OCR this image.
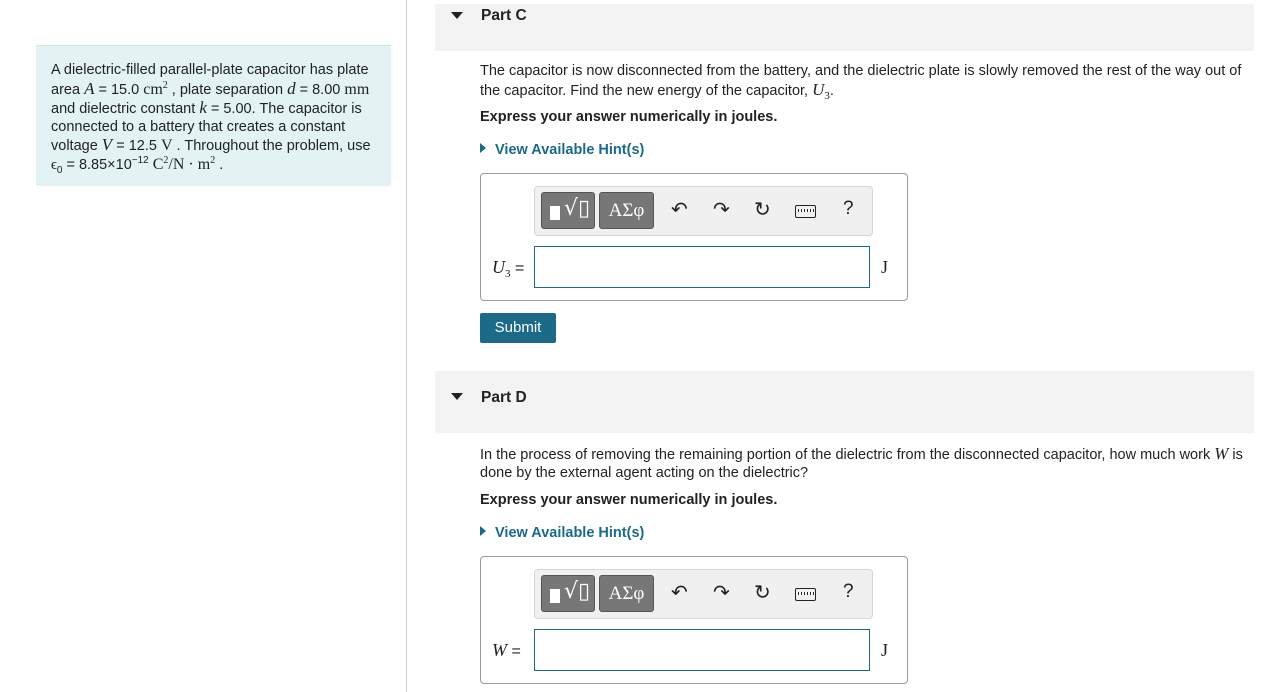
A dielectric-filled parallel-plate capacitor has plate area A = 15.0 $cm^2$ , plate separation d = 8.00 mm and dielectric constant k = 5.00. The capacitor is connected to a battery that creates a constant voltage V = 12.5 V . Throughout the problem, use
$\epsilon_0 = 8.85\times 10^{-12}$ $C^2/N \cdot m^2$ .
Part C
The capacitor is now disconnected from the battery, and the dielectric plate is slowly removed the rest of the way out of the capacitor. Find the new energy of the capacitor, $U_3$.
Express your answer numerically in joules.
View Available Hint(s)
√▯ ΑΣφ	↶ ↷ ↻	?
$U_3$ =	J
Submit
Part D
In the process of removing the remaining portion of the dielectric from the disconnected capacitor, how much work W is done by the external agent acting on the dielectric?
Express your answer numerically in joules.
View Available Hint(s)
√▯ ΑΣφ	↶ ↷ ↻	?
W =	J
